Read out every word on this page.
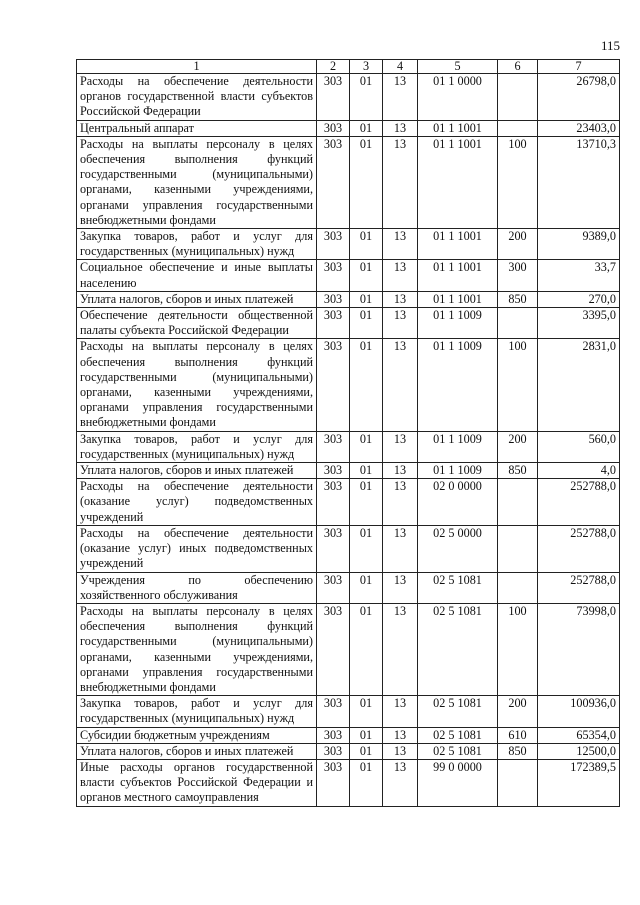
115
1	2	3	4	5	6	7
Расходы на обеспечение деятельности органов государственной власти субъектов Российской Федерации	303	01	13	01 1 0000		26798,0
Центральный аппарат	303	01	13	01 1 1001		23403,0
Расходы на выплаты персоналу в целях обеспечения выполнения функций государственными (муниципальными) органами, казенными учреждениями, органами управления государственными внебюджетными фондами	303	01	13	01 1 1001	100	13710,3
Закупка товаров, работ и услуг для государственных (муниципальных) нужд	303	01	13	01 1 1001	200	9389,0
Социальное обеспечение и иные выплаты населению	303	01	13	01 1 1001	300	33,7
Уплата налогов, сборов и иных платежей	303	01	13	01 1 1001	850	270,0
Обеспечение деятельности общественной палаты субъекта Российской Федерации	303	01	13	01 1 1009		3395,0
Расходы на выплаты персоналу в целях обеспечения выполнения функций государственными (муниципальными) органами, казенными учреждениями, органами управления государственными внебюджетными фондами	303	01	13	01 1 1009	100	2831,0
Закупка товаров, работ и услуг для государственных (муниципальных) нужд	303	01	13	01 1 1009	200	560,0
Уплата налогов, сборов и иных платежей	303	01	13	01 1 1009	850	4,0
Расходы на обеспечение деятельности (оказание услуг) подведомственных учреждений	303	01	13	02 0 0000		252788,0
Расходы на обеспечение деятельности (оказание услуг) иных подведомственных учреждений	303	01	13	02 5 0000		252788,0
Учреждения по обеспечению хозяйственного обслуживания	303	01	13	02 5 1081		252788,0
Расходы на выплаты персоналу в целях обеспечения выполнения функций государственными (муниципальными) органами, казенными учреждениями, органами управления государственными внебюджетными фондами	303	01	13	02 5 1081	100	73998,0
Закупка товаров, работ и услуг для государственных (муниципальных) нужд	303	01	13	02 5 1081	200	100936,0
Субсидии бюджетным учреждениям	303	01	13	02 5 1081	610	65354,0
Уплата налогов, сборов и иных платежей	303	01	13	02 5 1081	850	12500,0
Иные расходы органов государственной власти субъектов Российской Федерации и органов местного самоуправления	303	01	13	99 0 0000		172389,5
